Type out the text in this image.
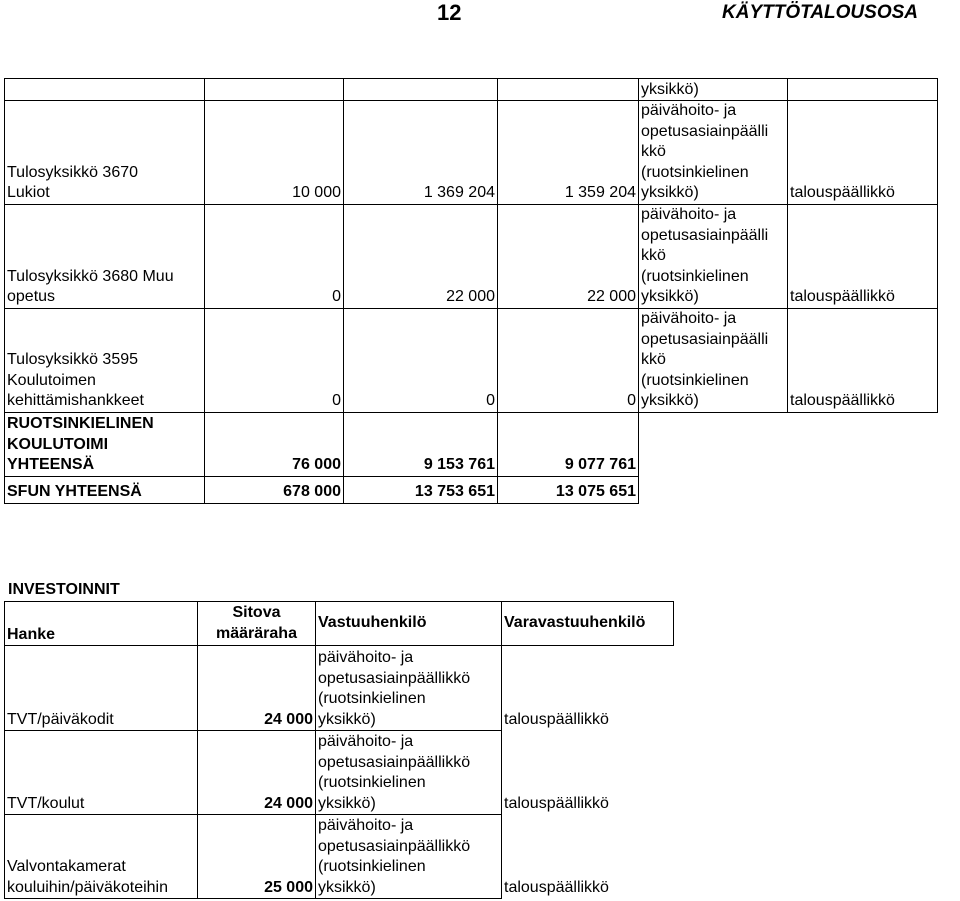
12	KÄYTTÖTALOUSOSA
				yksikkö)	
Tulosyksikkö 3670
Lukiot	10 000	1 369 204	1 359 204	päivähoito- ja
opetusasiainpäälli
kkö
(ruotsinkielinen
yksikkö)	talouspäällikkö
Tulosyksikkö 3680 Muu
opetus	0	22 000	22 000	päivähoito- ja
opetusasiainpäälli
kkö
(ruotsinkielinen
yksikkö)	talouspäällikkö
Tulosyksikkö 3595
Koulutoimen
kehittämishankkeet	0	0	0	päivähoito- ja
opetusasiainpäälli
kkö
(ruotsinkielinen
yksikkö)	talouspäällikkö
RUOTSINKIELINEN
KOULUTOIMI
YHTEENSÄ	76 000	9 153 761	9 077 761		
SFUN YHTEENSÄ	678 000	13 753 651	13 075 651		
INVESTOINNIT
Hanke	Sitova
määräraha	Vastuuhenkilö	Varavastuuhenkilö
TVT/päiväkodit	24 000	päivähoito- ja
opetusasiainpäällikkö
(ruotsinkielinen
yksikkö)	talouspäällikkö
TVT/koulut	24 000	päivähoito- ja
opetusasiainpäällikkö
(ruotsinkielinen
yksikkö)	talouspäällikkö
Valvontakamerat
kouluihin/päiväkoteihin	25 000	päivähoito- ja
opetusasiainpäällikkö
(ruotsinkielinen
yksikkö)	talouspäällikkö
